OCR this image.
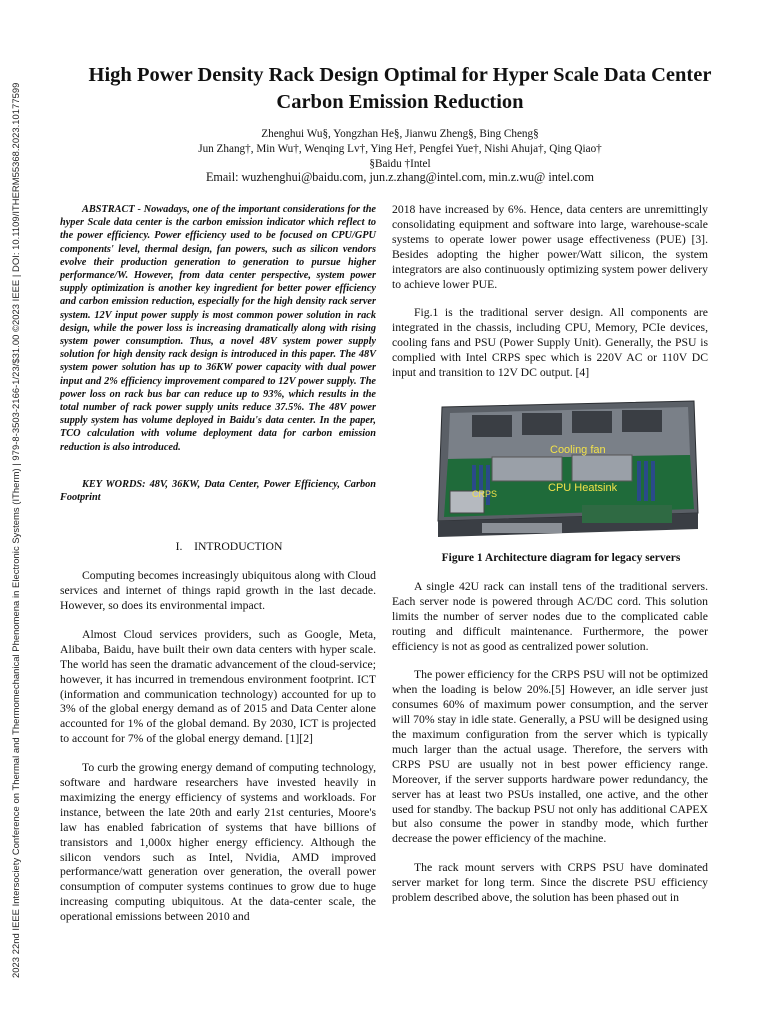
2023 22nd IEEE Intersociety Conference on Thermal and Thermomechanical Phenomena in Electronic Systems (ITherm) | 979-8-3503-2166-1/23/$31.00 ©2023 IEEE | DOI: 10.1109/ITHERM55368.2023.10177599
High Power Density Rack Design Optimal for Hyper Scale Data Center Carbon Emission Reduction
Zhenghui Wu§, Yongzhan He§, Jianwu Zheng§, Bing Cheng§
Jun Zhang†, Min Wu†, Wenqing Lv†, Ying He†, Pengfei Yue†, Nishi Ahuja†, Qing Qiao†
§Baidu †Intel
Email: wuzhenghui@baidu.com, jun.z.zhang@intel.com, min.z.wu@ intel.com

ABSTRACT - Nowadays, one of the important considerations for the hyper Scale data center is the carbon emission indicator which reflect to the power efficiency. Power efficiency used to be focused on CPU/GPU components' level, thermal design, fan powers, such as silicon vendors evolve their production generation to generation to pursue higher performance/W. However, from data center perspective, system power supply optimization is another key ingredient for better power efficiency and carbon emission reduction, especially for the high density rack server system. 12V input power supply is most common power solution in rack design, while the power loss is increasing dramatically along with rising system power consumption. Thus, a novel 48V system power supply solution for high density rack design is introduced in this paper. The 48V system power solution has up to 36KW power capacity with dual power input and 2% efficiency improvement compared to 12V power supply. The power loss on rack bus bar can reduce up to 93%, which results in the total number of rack power supply units reduce 37.5%. The 48V power supply system has volume deployed in Baidu's data center. In the paper, TCO calculation with volume deployment data for carbon emission reduction is also introduced.

KEY WORDS: 48V, 36KW, Data Center, Power Efficiency, Carbon Footprint

I. INTRODUCTION

Computing becomes increasingly ubiquitous along with Cloud services and internet of things rapid growth in the last decade. However, so does its environmental impact.

Almost Cloud services providers, such as Google, Meta, Alibaba, Baidu, have built their own data centers with hyper scale. The world has seen the dramatic advancement of the cloud-service; however, it has incurred in tremendous environment footprint. ICT (information and communication technology) accounted for up to 3% of the global energy demand as of 2015 and Data Center alone accounted for 1% of the global demand. By 2030, ICT is projected to account for 7% of the global energy demand. [1][2]

To curb the growing energy demand of computing technology, software and hardware researchers have invested heavily in maximizing the energy efficiency of systems and workloads. For instance, between the late 20th and early 21st centuries, Moore's law has enabled fabrication of systems that have billions of transistors and 1,000x higher energy efficiency. Although the silicon vendors such as Intel, Nvidia, AMD improved performance/watt generation over generation, the overall power consumption of computer systems continues to grow due to huge increasing computing ubiquitous. At the data-center scale, the operational emissions between 2010 and

2018 have increased by 6%. Hence, data centers are unremittingly consolidating equipment and software into large, warehouse-scale systems to operate lower power usage effectiveness (PUE) [3]. Besides adopting the higher power/Watt silicon, the system integrators are also continuously optimizing system power delivery to achieve lower PUE.

Fig.1 is the traditional server design. All components are integrated in the chassis, including CPU, Memory, PCIe devices, cooling fans and PSU (Power Supply Unit). Generally, the PSU is complied with Intel CRPS spec which is 220V AC or 110V DC input and transition to 12V DC output. [4]

Cooling fan
CPU Heatsink
CRPS

Figure 1 Architecture diagram for legacy servers

A single 42U rack can install tens of the traditional servers. Each server node is powered through AC/DC cord. This solution limits the number of server nodes due to the complicated cable routing and difficult maintenance. Furthermore, the power efficiency is not as good as centralized power solution.

The power efficiency for the CRPS PSU will not be optimized when the loading is below 20%.[5] However, an idle server just consumes 60% of maximum power consumption, and the server will 70% stay in idle state. Generally, a PSU will be designed using the maximum configuration from the server which is typically much larger than the actual usage. Therefore, the servers with CRPS PSU are usually not in best power efficiency range. Moreover, if the server supports hardware power redundancy, the server has at least two PSUs installed, one active, and the other used for standby. The backup PSU not only has additional CAPEX but also consume the power in standby mode, which further decrease the power efficiency of the machine.

The rack mount servers with CRPS PSU have dominated server market for long term. Since the discrete PSU efficiency problem described above, the solution has been phased out in
